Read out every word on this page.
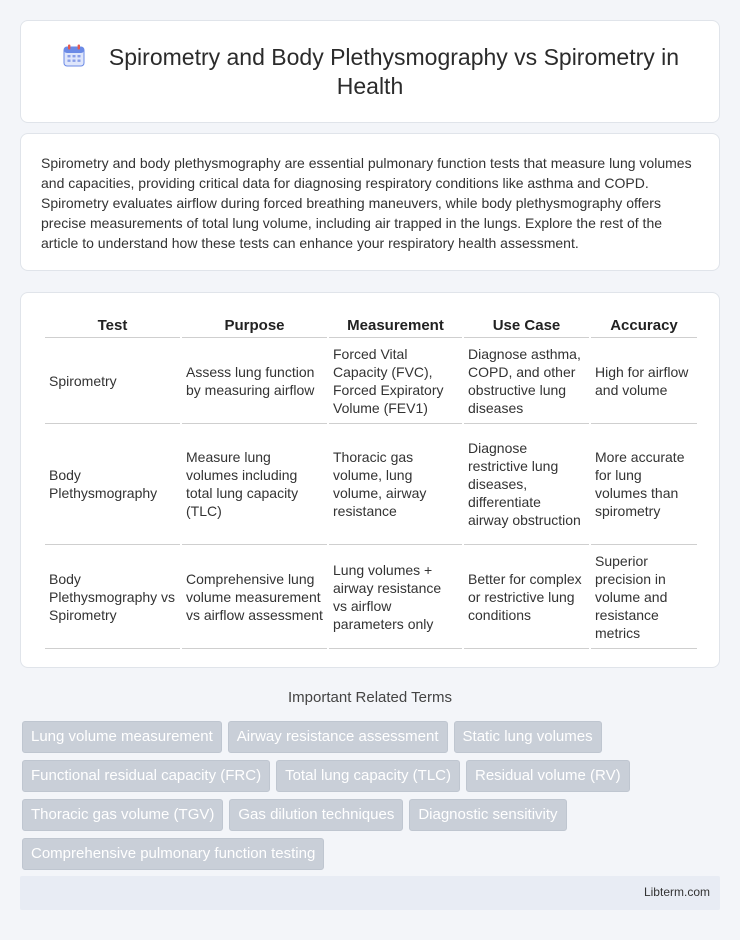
Spirometry and Body Plethysmography vs Spirometry in Health

Spirometry and body plethysmography are essential pulmonary function tests that measure lung volumes and capacities, providing critical data for diagnosing respiratory conditions like asthma and COPD. Spirometry evaluates airflow during forced breathing maneuvers, while body plethysmography offers precise measurements of total lung volume, including air trapped in the lungs. Explore the rest of the article to understand how these tests can enhance your respiratory health assessment.

Test	Purpose	Measurement	Use Case	Accuracy
Spirometry	Assess lung function by measuring airflow	Forced Vital Capacity (FVC), Forced Expiratory Volume (FEV1)	Diagnose asthma, COPD, and other obstructive lung diseases	High for airflow and volume
Body Plethysmography	Measure lung volumes including total lung capacity (TLC)	Thoracic gas volume, lung volume, airway resistance	Diagnose restrictive lung diseases, differentiate airway obstruction	More accurate for lung volumes than spirometry
Body Plethysmography vs Spirometry	Comprehensive lung volume measurement vs airflow assessment	Lung volumes + airway resistance vs airflow parameters only	Better for complex or restrictive lung conditions	Superior precision in volume and resistance metrics
Important Related Terms
Lung volume measurement	Airway resistance assessment	Static lung volumes
Functional residual capacity (FRC)	Total lung capacity (TLC)	Residual volume (RV)
Thoracic gas volume (TGV)	Gas dilution techniques	Diagnostic sensitivity
Comprehensive pulmonary function testing
Libterm.com
